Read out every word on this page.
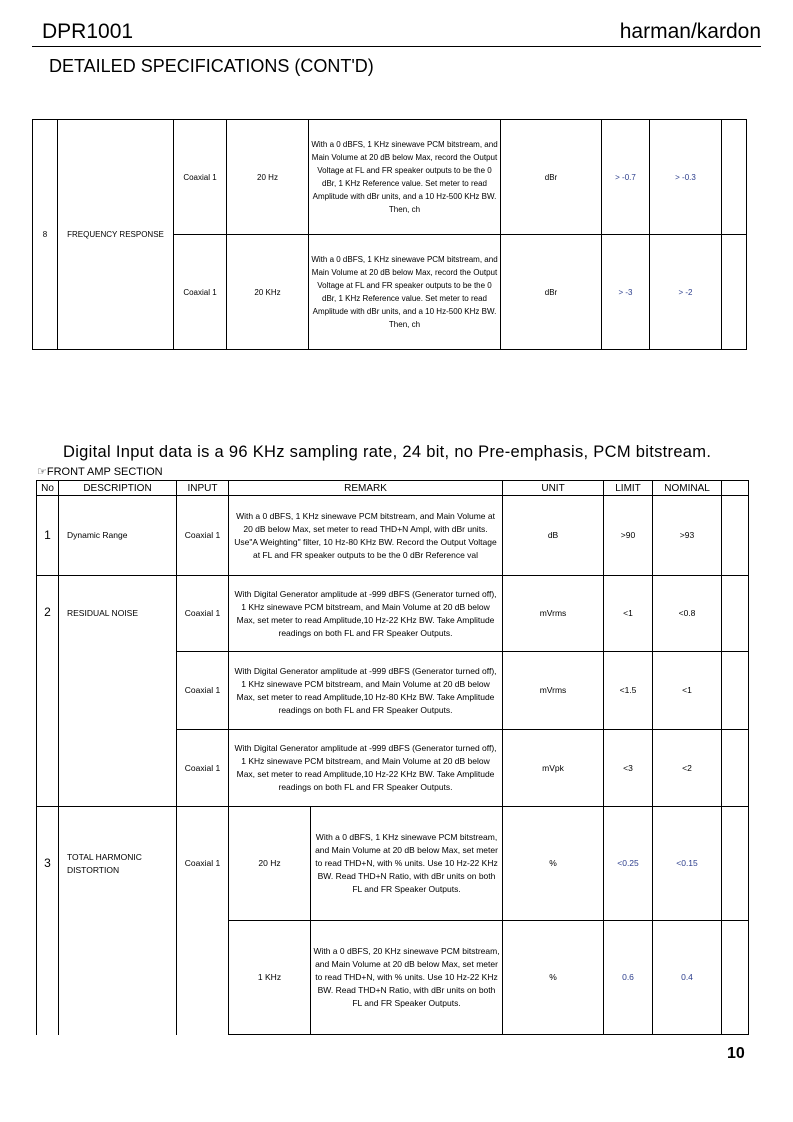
DPR1001	harman/kardon
DETAILED SPECIFICATIONS (CONT'D)
8	FREQUENCY RESPONSE	Coaxial 1	20 Hz	With a 0 dBFS, 1 KHz sinewave PCM bitstream, and Main Volume at 20 dB below Max, record the Output Voltage at FL and FR speaker outputs to be the 0 dBr, 1 KHz Reference value. Set meter to read Amplitude with dBr units, and a 10 Hz-500 KHz BW. Then, ch	dBr	> -0.7	> -0.3	
		Coaxial 1	20 KHz	With a 0 dBFS, 1 KHz sinewave PCM bitstream, and Main Volume at 20 dB below Max, record the Output Voltage at FL and FR speaker outputs to be the 0 dBr, 1 KHz Reference value. Set meter to read Amplitude with dBr units, and a 10 Hz-500 KHz BW. Then, ch	dBr	> -3	> -2	
Digital Input data is a 96 KHz sampling rate, 24 bit, no Pre-emphasis, PCM bitstream.
☞FRONT AMP SECTION
No	DESCRIPTION	INPUT	REMARK		UNIT	LIMIT	NOMINAL	
1	Dynamic Range	Coaxial 1	With a 0 dBFS, 1 KHz sinewave PCM bitstream, and Main Volume at 20 dB below Max, set meter to read THD+N Ampl, with dBr units. Use"A Weighting" filter, 10 Hz-80 KHz BW. Record the Output Voltage at FL and FR speaker outputs to be the 0 dBr Reference val		dB	>90	>93	
2	RESIDUAL NOISE	Coaxial 1	With Digital Generator amplitude at -999 dBFS (Generator turned off), 1 KHz sinewave PCM bitstream, and Main Volume at 20 dB below Max, set meter to read Amplitude,10 Hz-22 KHz BW. Take Amplitude readings on both FL and FR Speaker Outputs.		mVrms	<1	<0.8	
		Coaxial 1	With Digital Generator amplitude at -999 dBFS (Generator turned off), 1 KHz sinewave PCM bitstream, and Main Volume at 20 dB below Max, set meter to read Amplitude,10 Hz-80 KHz BW. Take Amplitude readings on both FL and FR Speaker Outputs.		mVrms	<1.5	<1	
		Coaxial 1	With Digital Generator amplitude at -999 dBFS (Generator turned off), 1 KHz sinewave PCM bitstream, and Main Volume at 20 dB below Max, set meter to read Amplitude,10 Hz-22 KHz BW. Take Amplitude readings on both FL and FR Speaker Outputs.		mVpk	<3	<2	
3	TOTAL HARMONIC DISTORTION	Coaxial 1	20 Hz	With a 0 dBFS, 1 KHz sinewave PCM bitstream, and Main Volume at 20 dB below Max, set meter to read THD+N, with % units. Use 10 Hz-22 KHz BW. Read THD+N Ratio, with dBr units on both FL and FR Speaker Outputs.	%	<0.25	<0.15	
			1 KHz	With a 0 dBFS, 20 KHz sinewave PCM bitstream, and Main Volume at 20 dB below Max, set meter to read THD+N, with % units. Use 10 Hz-22 KHz BW. Read THD+N Ratio, with dBr units on both FL and FR Speaker Outputs.	%	0.6	0.4	
10
